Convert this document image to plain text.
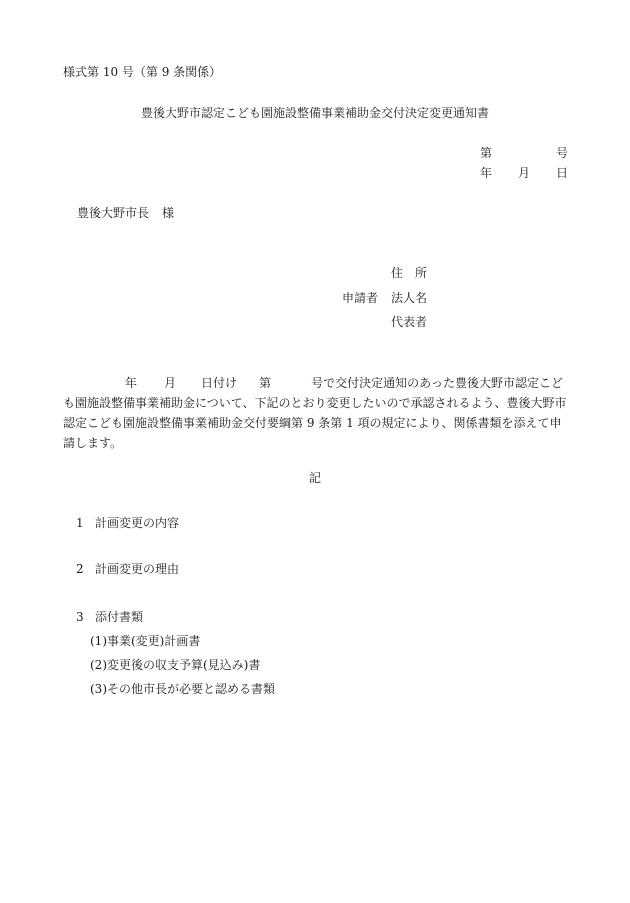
様式第 10 号（第 9 条関係）
豊後大野市認定こども園施設整備事業補助金交付決定変更通知書
第	号
年 月 日
豊後大野市長 様
住　所
申請者 法人名
代表者
年 月 日付け 第	号で交付決定通知のあった豊後大野市認定こども園施設整備事業補助金について、下記のとおり変更したいので承認されるよう、豊後大野市認定こども園施設整備事業補助金交付要綱第 9 条第 1 項の規定により、関係書類を添えて申請します。
記
1 計画変更の内容
2 計画変更の理由
3 添付書類
(1)事業(変更)計画書
(2)変更後の収支予算(見込み)書
(3)その他市長が必要と認める書類
